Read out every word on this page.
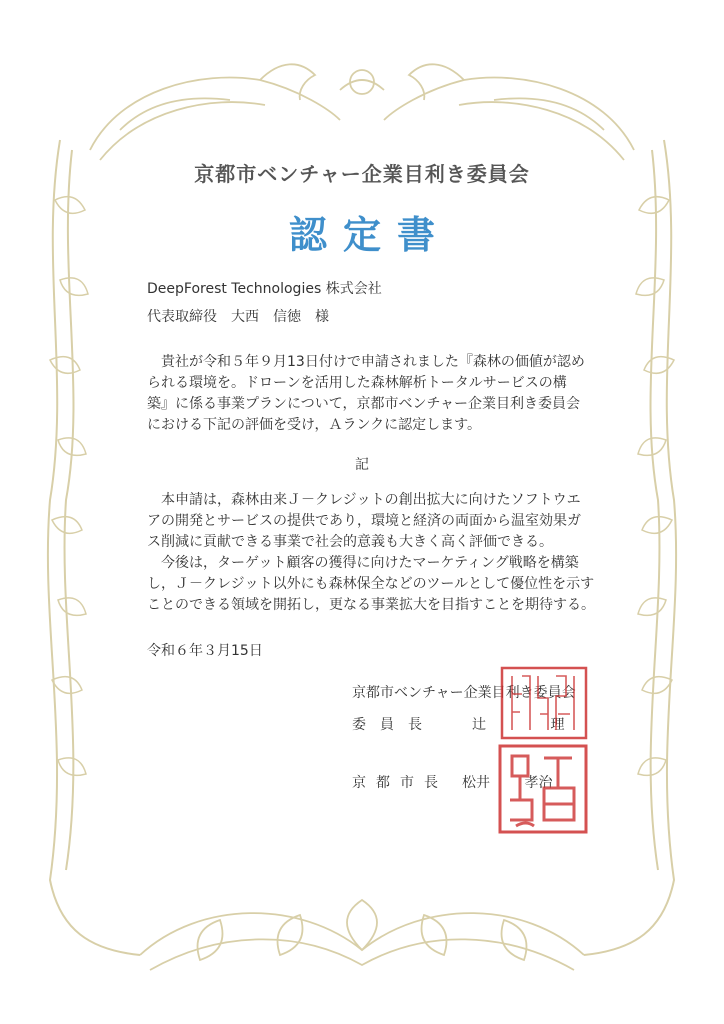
京都市ベンチャー企業目利き委員会
認定書

DeepForest Technologies 株式会社

代表取締役　大西　信徳　様

　貴社が令和５年９月13日付けで申請されました『森林の価値が認め
られる環境を。ドローンを活用した森林解析トータルサービスの構
築』に係る事業プランについて，京都市ベンチャー企業目利き委員会
における下記の評価を受け，Ａランクに認定します。

記

　本申請は，森林由来Ｊ－クレジットの創出拡大に向けたソフトウエ
アの開発とサービスの提供であり，環境と経済の両面から温室効果ガ
ス削減に貢献できる事業で社会的意義も大きく高く評価できる。
　今後は，ターゲット顧客の獲得に向けたマーケティング戦略を構築
し，Ｊ－クレジット以外にも森林保全などのツールとして優位性を示す
ことのできる領域を開拓し，更なる事業拡大を目指すことを期待する。

令和６年３月15日

京都市ベンチャー企業目利き委員会

委員長	辻 理
京都市長 松井 孝治
